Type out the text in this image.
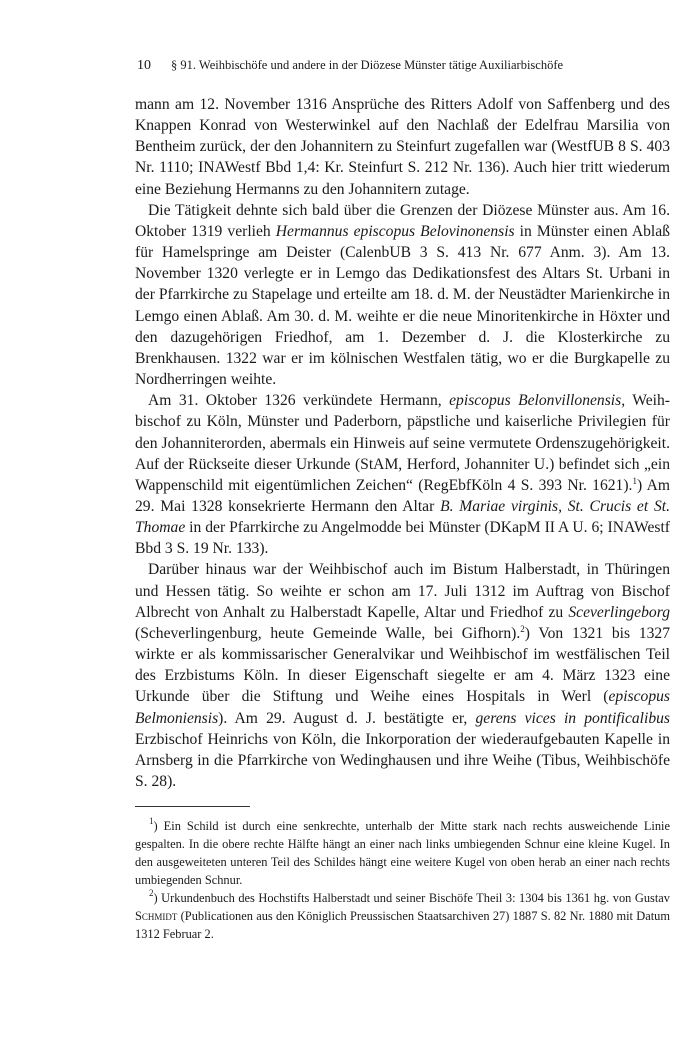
10 § 91. Weihbischöfe und andere in der Diözese Münster tätige Auxiliarbischöfe

mann am 12. November 1316 Ansprüche des Ritters Adolf von Saffenberg und des Knappen Konrad von Westerwinkel auf den Nachlaß der Edelfrau Marsilia von Bentheim zurück, der den Johannitern zu Steinfurt zugefallen war (WestfUB 8 S. 403 Nr. 1110; INAWestf Bbd 1,4: Kr. Steinfurt S. 212 Nr. 136). Auch hier tritt wiederum eine Beziehung Hermanns zu den Johannitern zutage.

Die Tätigkeit dehnte sich bald über die Grenzen der Diözese Münster aus. Am 16. Oktober 1319 verlieh Hermannus episcopus Belovinonensis in Münster einen Ablaß für Hamelspringe am Deister (CalenbUB 3 S. 413 Nr. 677 Anm. 3). Am 13. November 1320 verlegte er in Lemgo das Dedikationsfest des Altars St. Urbani in der Pfarrkirche zu Stapelage und erteilte am 18. d. M. der Neustädter Marienkirche in Lemgo einen Ablaß. Am 30. d. M. weihte er die neue Minoritenkirche in Höxter und den dazugehörigen Friedhof, am 1. Dezember d. J. die Klosterkirche zu Brenkhausen. 1322 war er im kölnischen Westfalen tätig, wo er die Burgkapelle zu Nordherringen weihte.

Am 31. Oktober 1326 verkündete Hermann, episcopus Belonvillonensis, Weihbischof zu Köln, Münster und Paderborn, päpstliche und kaiserliche Privilegien für den Johanniterorden, abermals ein Hinweis auf seine vermutete Ordenszugehörigkeit. Auf der Rückseite dieser Urkunde (StAM, Herford, Johanniter U.) befindet sich „ein Wappenschild mit eigentümlichen Zeichen“ (RegEbfKöln 4 S. 393 Nr. 1621).$^1$) Am 29. Mai 1328 konsekrierte Hermann den Altar B. Mariae virginis, St. Crucis et St. Thomae in der Pfarrkirche zu Angelmodde bei Münster (DKapM II A U. 6; INAWestf Bbd 3 S. 19 Nr. 133).

Darüber hinaus war der Weihbischof auch im Bistum Halberstadt, in Thüringen und Hessen tätig. So weihte er schon am 17. Juli 1312 im Auftrag von Bischof Albrecht von Anhalt zu Halberstadt Kapelle, Altar und Friedhof zu Sceverlingeborg (Scheverlingenburg, heute Gemeinde Walle, bei Gifhorn).$^2$) Von 1321 bis 1327 wirkte er als kommissarischer Generalvikar und Weihbischof im westfälischen Teil des Erzbistums Köln. In dieser Eigenschaft siegelte er am 4. März 1323 eine Urkunde über die Stiftung und Weihe eines Hospitals in Werl (episcopus Belmoniensis). Am 29. August d. J. bestätigte er, gerens vices in pontificalibus Erzbischof Heinrichs von Köln, die Inkorporation der wiederaufgebauten Kapelle in Arnsberg in die Pfarrkirche von Wedinghausen und ihre Weihe (Tibus, Weihbischöfe S. 28).

$^1$) Ein Schild ist durch eine senkrechte, unterhalb der Mitte stark nach rechts ausweichende Linie gespalten. In die obere rechte Hälfte hängt an einer nach links umbiegenden Schnur eine kleine Kugel. In den ausgeweiteten unteren Teil des Schildes hängt eine weitere Kugel von oben herab an einer nach rechts umbiegenden Schnur.

$^2$) Urkundenbuch des Hochstifts Halberstadt und seiner Bischöfe Theil 3: 1304 bis 1361 hg. von Gustav Schmidt (Publicationen aus den Königlich Preussischen Staatsarchiven 27) 1887 S. 82 Nr. 1880 mit Datum 1312 Februar 2.
